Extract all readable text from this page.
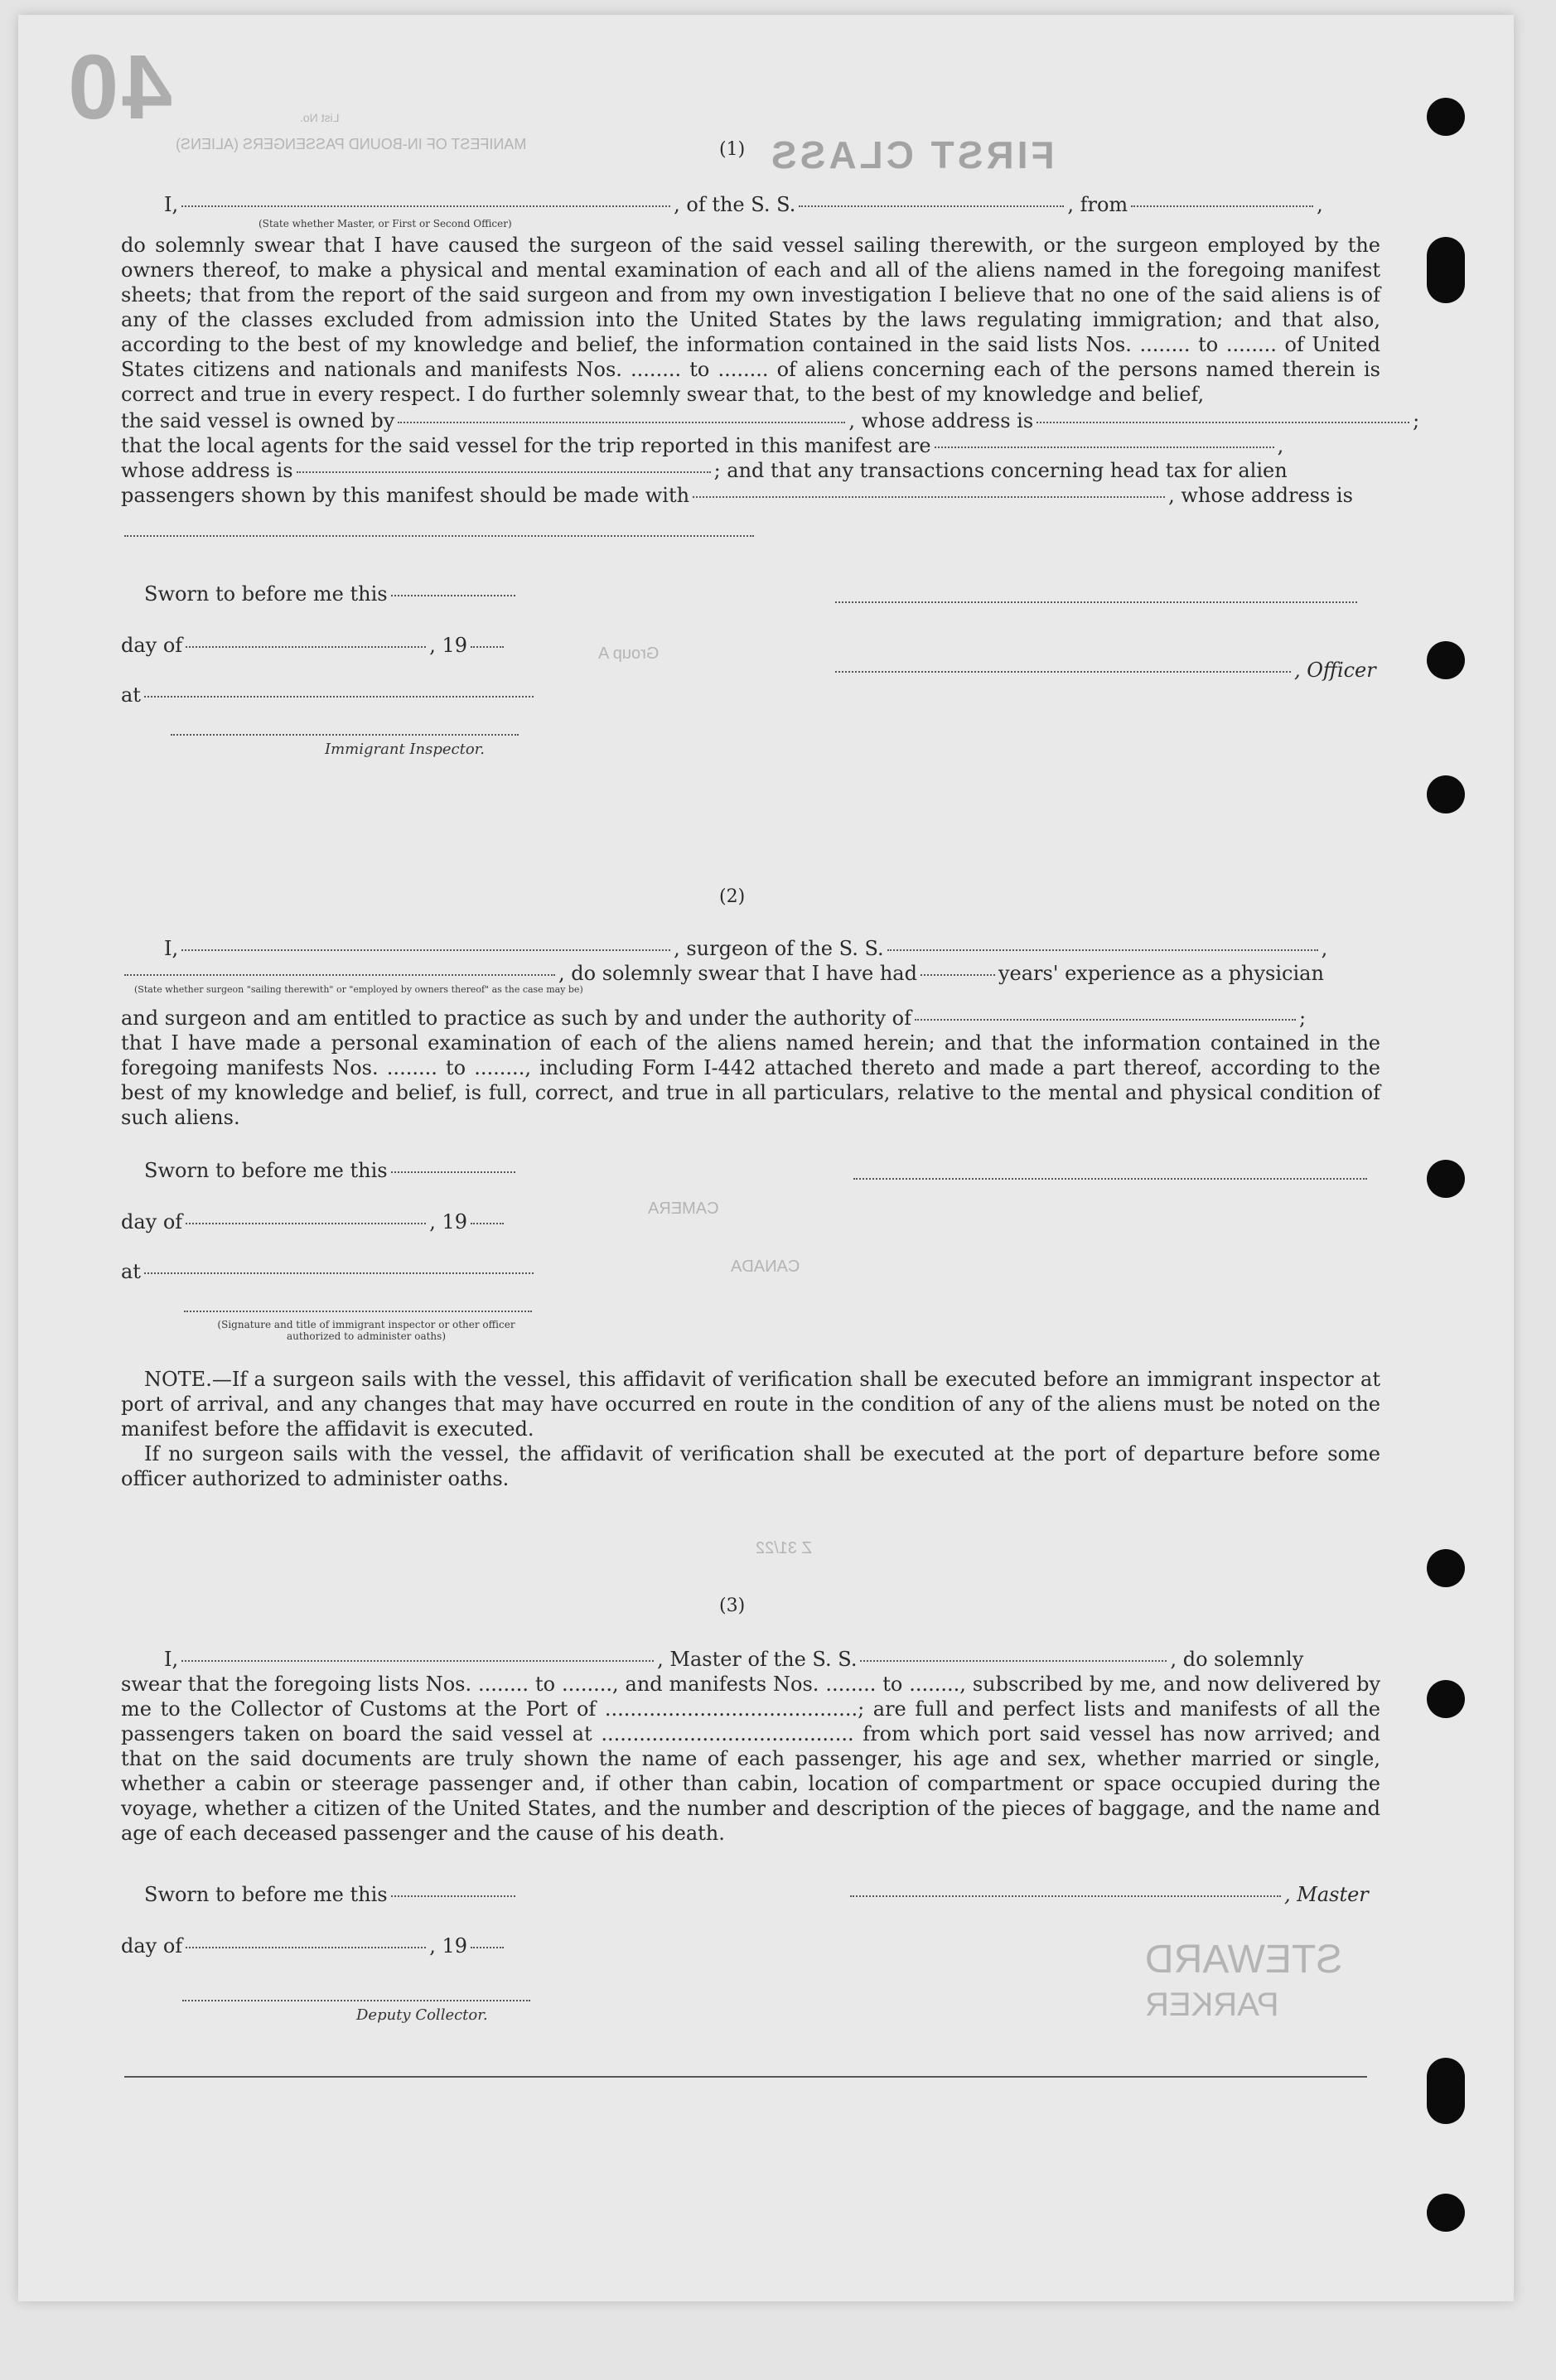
40
FIRST CLASS
MANIFEST OF IN-BOUND PASSENGERS (ALIENS)
List No.
Group A
CAMERA
CANADA
Z 31/22
STEWARD
PARKER
(1)
I,	, of the S. S.	, from	,
(State whether Master, or First or Second Officer)
do solemnly swear that I have caused the surgeon of the said vessel sailing therewith, or the surgeon employed by the owners thereof, to make a physical and mental examination of each and all of the aliens named in the foregoing manifest sheets; that from the report of the said surgeon and from my own investigation I believe that no one of the said aliens is of any of the classes excluded from admission into the United States by the laws regulating immigration; and that also, according to the best of my knowledge and belief, the information contained in the said lists Nos. ........ to ........ of United States citizens and nationals and manifests Nos. ........ to ........ of aliens concerning each of the persons named therein is correct and true in every respect. I do further solemnly swear that, to the best of my knowledge and belief,
the said vessel is owned by	, whose address is	;
that the local agents for the said vessel for the trip reported in this manifest are	,
whose address is	; and that any transactions concerning head tax for alien
passengers shown by this manifest should be made with	, whose address is
Sworn to before me this
day of	, 19
, Officer
at
Immigrant Inspector.
(2)
I,	, surgeon of the S. S.	,
, do solemnly swear that I have had	years' experience as a physician
(State whether surgeon "sailing therewith" or "employed by owners thereof" as the case may be)
and surgeon and am entitled to practice as such by and under the authority of	;
that I have made a personal examination of each of the aliens named herein; and that the information contained in the foregoing manifests Nos. ........ to ........, including Form I-442 attached thereto and made a part thereof, according to the best of my knowledge and belief, is full, correct, and true in all particulars, relative to the mental and physical condition of such aliens.
Sworn to before me this
day of	, 19
at
(Signature and title of immigrant inspector or other officer authorized to administer oaths)
NOTE.—If a surgeon sails with the vessel, this affidavit of verification shall be executed before an immigrant inspector at port of arrival, and any changes that may have occurred en route in the condition of any of the aliens must be noted on the manifest before the affidavit is executed.
If no surgeon sails with the vessel, the affidavit of verification shall be executed at the port of departure before some officer authorized to administer oaths.
(3)
I,	, Master of the S. S.	, do solemnly
swear that the foregoing lists Nos. ........ to ........, and manifests Nos. ........ to ........, subscribed by me, and now delivered by me to the Collector of Customs at the Port of ........................................; are full and perfect lists and manifests of all the passengers taken on board the said vessel at ........................................ from which port said vessel has now arrived; and that on the said documents are truly shown the name of each passenger, his age and sex, whether married or single, whether a cabin or steerage passenger and, if other than cabin, location of compartment or space occupied during the voyage, whether a citizen of the United States, and the number and description of the pieces of baggage, and the name and age of each deceased passenger and the cause of his death.
Sworn to before me this	, Master
day of	, 19
Deputy Collector.
